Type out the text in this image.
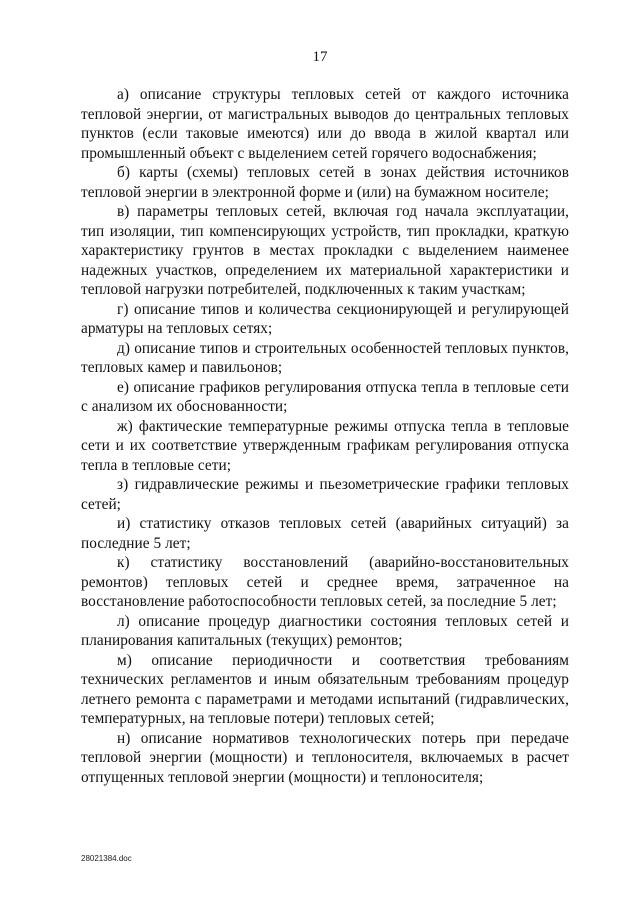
17

а) описание структуры тепловых сетей от каждого источника тепловой энергии, от магистральных выводов до центральных тепловых пунктов (если таковые имеются) или до ввода в жилой квартал или промышленный объект с выделением сетей горячего водоснабжения;

б) карты (схемы) тепловых сетей в зонах действия источников тепловой энергии в электронной форме и (или) на бумажном носителе;

в) параметры тепловых сетей, включая год начала эксплуатации, тип изоляции, тип компенсирующих устройств, тип прокладки, краткую характеристику грунтов в местах прокладки с выделением наименее надежных участков, определением их материальной характеристики и тепловой нагрузки потребителей, подключенных к таким участкам;

г) описание типов и количества секционирующей и регулирующей арматуры на тепловых сетях;

д) описание типов и строительных особенностей тепловых пунктов, тепловых камер и павильонов;

е) описание графиков регулирования отпуска тепла в тепловые сети с анализом их обоснованности;

ж) фактические температурные режимы отпуска тепла в тепловые сети и их соответствие утвержденным графикам регулирования отпуска тепла в тепловые сети;

з) гидравлические режимы и пьезометрические графики тепловых сетей;

и) статистику отказов тепловых сетей (аварийных ситуаций) за последние 5 лет;

к) статистику восстановлений (аварийно-восстановительных ремонтов) тепловых сетей и среднее время, затраченное на восстановление работоспособности тепловых сетей, за последние 5 лет;

л) описание процедур диагностики состояния тепловых сетей и планирования капитальных (текущих) ремонтов;

м) описание периодичности и соответствия требованиям технических регламентов и иным обязательным требованиям процедур летнего ремонта с параметрами и методами испытаний (гидравлических, температурных, на тепловые потери) тепловых сетей;

н) описание нормативов технологических потерь при передаче тепловой энергии (мощности) и теплоносителя, включаемых в расчет отпущенных тепловой энергии (мощности) и теплоносителя;

28021384.doc
